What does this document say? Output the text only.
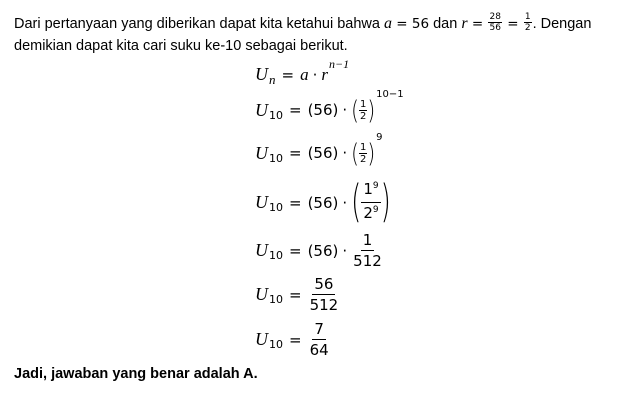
Dari pertanyaan yang diberikan dapat kita ketahui bahwa a = 56 dan $r = \frac{28}{56} = \frac{1}{2}$ . Dengan demikian dapat kita cari suku ke-10 sebagai berikut.
U n = a · r
n−1
U 10 = (56) · ( $\frac{1}{2}$ )
10−1
U 10 = (56) · ( $\frac{1}{2}$ )
9
U 10 = (56) · ( $\frac{1^9}{2^9}$ )
U $10 = (56) \cdot \frac{1}{512}$
U $10 = \frac{56}{512}$
U $10 = \frac{7}{64}$
Jadi, jawaban yang benar adalah A.
